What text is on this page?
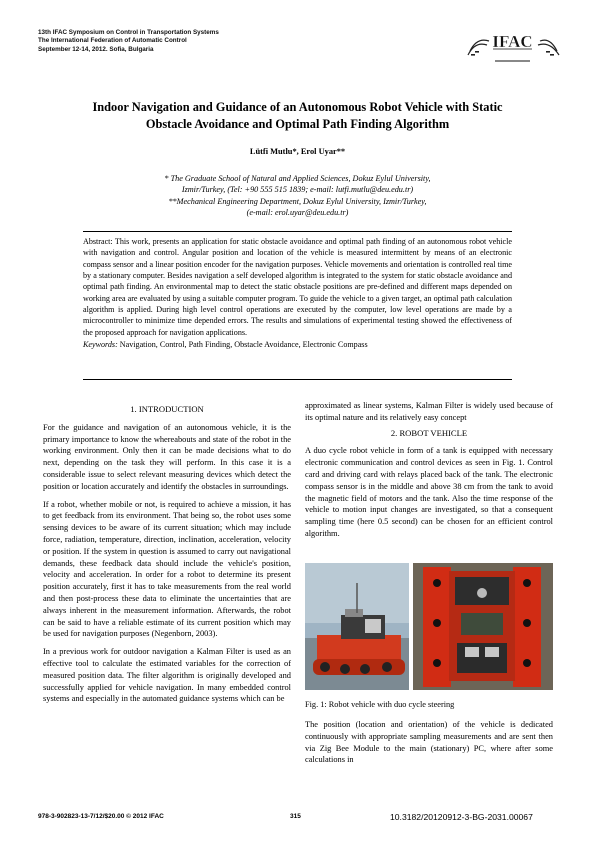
13th IFAC Symposium on Control in Transportation Systems
The International Federation of Automatic Control
September 12-14, 2012. Sofia, Bulgaria	IFAC
Indoor Navigation and Guidance of an Autonomous Robot Vehicle with Static
Obstacle Avoidance and Optimal Path Finding Algorithm
Lütfi Mutlu*, Erol Uyar**
* The Graduate School of Natural and Applied Sciences, Dokuz Eylul University,
Izmir/Turkey, (Tel: +90 555 515 1839; e-mail: lutfi.mutlu@deu.edu.tr)
**Mechanical Engineering Department, Dokuz Eylul University, Izmir/Turkey,
(e-mail: erol.uyar@deu.edu.tr)

Abstract: This work, presents an application for static obstacle avoidance and optimal path finding of an autonomous robot vehicle with navigation and control. Angular position and location of the vehicle is measured intermittent by means of an electronic compass sensor and a linear position encoder for the navigation purposes. Vehicle movements and orientation is controlled real time by a stationary computer. Besides navigation a self developed algorithm is integrated to the system for static obstacle avoidance and optimal path finding. An environmental map to detect the static obstacle positions are pre-defined and different maps depended on working area are evaluated by using a suitable computer program. To guide the vehicle to a given target, an optimal path calculation algorithm is applied. During high level control operations are executed by the computer, low level operations are made by a microcontroller to minimize time depended errors. The results and simulations of experimental testing showed the effectiveness of the proposed approach for navigation applications.

Keywords: Navigation, Control, Path Finding, Obstacle Avoidance, Electronic Compass

1. INTRODUCTION

For the guidance and navigation of an autonomous vehicle, it is the primary importance to know the whereabouts and state of the robot in the working environment. Only then it can be made decisions what to do next, depending on the task they will perform. In this case it is a considerable issue to select relevant measuring devices which detect the position or location accurately and identify the obstacles in surroundings.

If a robot, whether mobile or not, is required to achieve a mission, it has to get feedback from its environment. That being so, the robot uses some sensing devices to be aware of its current situation; which may include force, radiation, temperature, direction, inclination, acceleration, velocity or position. If the system in question is assumed to carry out navigational demands, these feedback data should include the vehicle's position, velocity and acceleration. In order for a robot to determine its present position accurately, first it has to take measurements from the real world and then post-process these data to eliminate the uncertainties that are always inherent in the measurement information. Afterwards, the robot can be said to have a reliable estimate of its current position which may be used for navigation purposes (Negenborn, 2003).

In a previous work for outdoor navigation a Kalman Filter is used as an effective tool to calculate the estimated variables for the correction of measured position data. The filter algorithm is originally developed and successfully applied for vehicle navigation. In many embedded control systems and especially in the automated guidance systems which can be

approximated as linear systems, Kalman Filter is widely used because of its optimal nature and its relatively easy concept

2. ROBOT VEHICLE

A duo cycle robot vehicle in form of a tank is equipped with necessary electronic communication and control devices as seen in Fig. 1. Control card and driving card with relays placed back of the tank. The electronic compass sensor is in the middle and above 38 cm from the tank to avoid the magnetic field of motors and the tank. Also the time response of the vehicle to motion input changes are investigated, so that a consequent sampling time (here 0.5 second) can be chosen for an efficient control algorithm.

Fig. 1: Robot vehicle with duo cycle steering

The position (location and orientation) of the vehicle is dedicated continuously with appropriate sampling measurements and are sent then via Zig Bee Module to the main (stationary) PC, where after some calculations in

978-3-902823-13-7/12/$20.00 © 2012 IFAC	315	10.3182/20120912-3-BG-2031.00067
